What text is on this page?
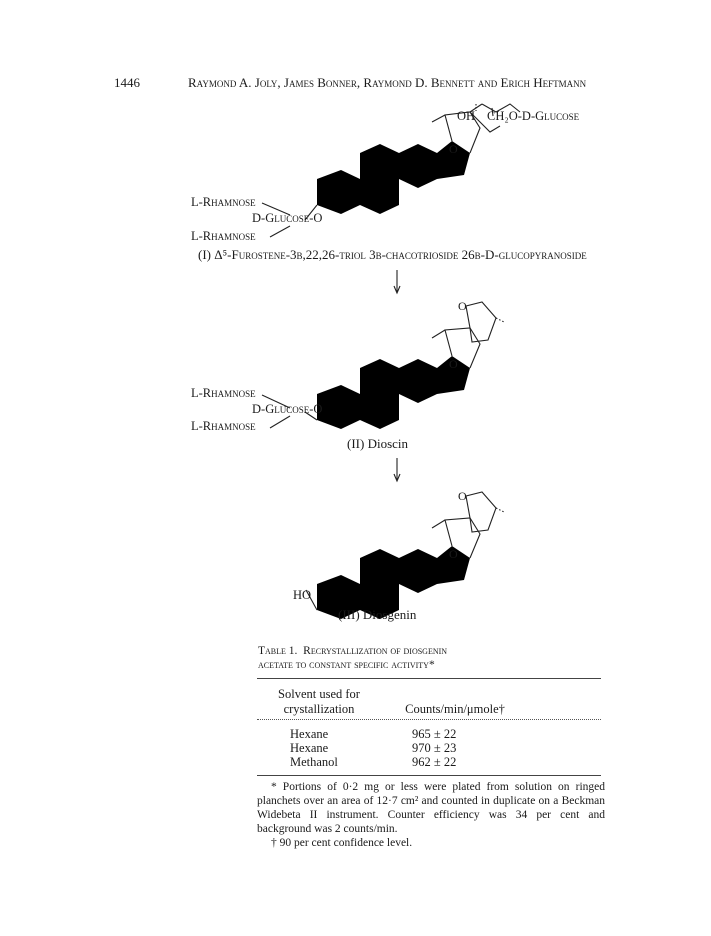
1446	Raymond A. Joly, James Bonner, Raymond D. Bennett and Erich Heftmann
O
OH CH₂O-D-Glucose
L-Rhamnose
D-Glucose-O
L-Rhamnose
(I) Δ⁵-Furostene-3β,22,26-triol 3β-chacotrioside 26β-D-glucopyranoside
O
O
L-Rhamnose
D-Glucose-O
L-Rhamnose
(II) Dioscin
O
O
HO
(III) Diosgenin
Table 1. Recrystallization of diosgenin
acetate to constant specific activity*
Solvent used for
crystallization	Counts/min/μmole†
Hexane	965 ± 22
Hexane	970 ± 23
Methanol	962 ± 22
* Portions of 0·2 mg or less were plated from solution on ringed planchets over an area of 12·7 cm² and counted in duplicate on a Beckman Widebeta II instrument. Counter efficiency was 34 per cent and background was 2 counts/min.
† 90 per cent confidence level.
